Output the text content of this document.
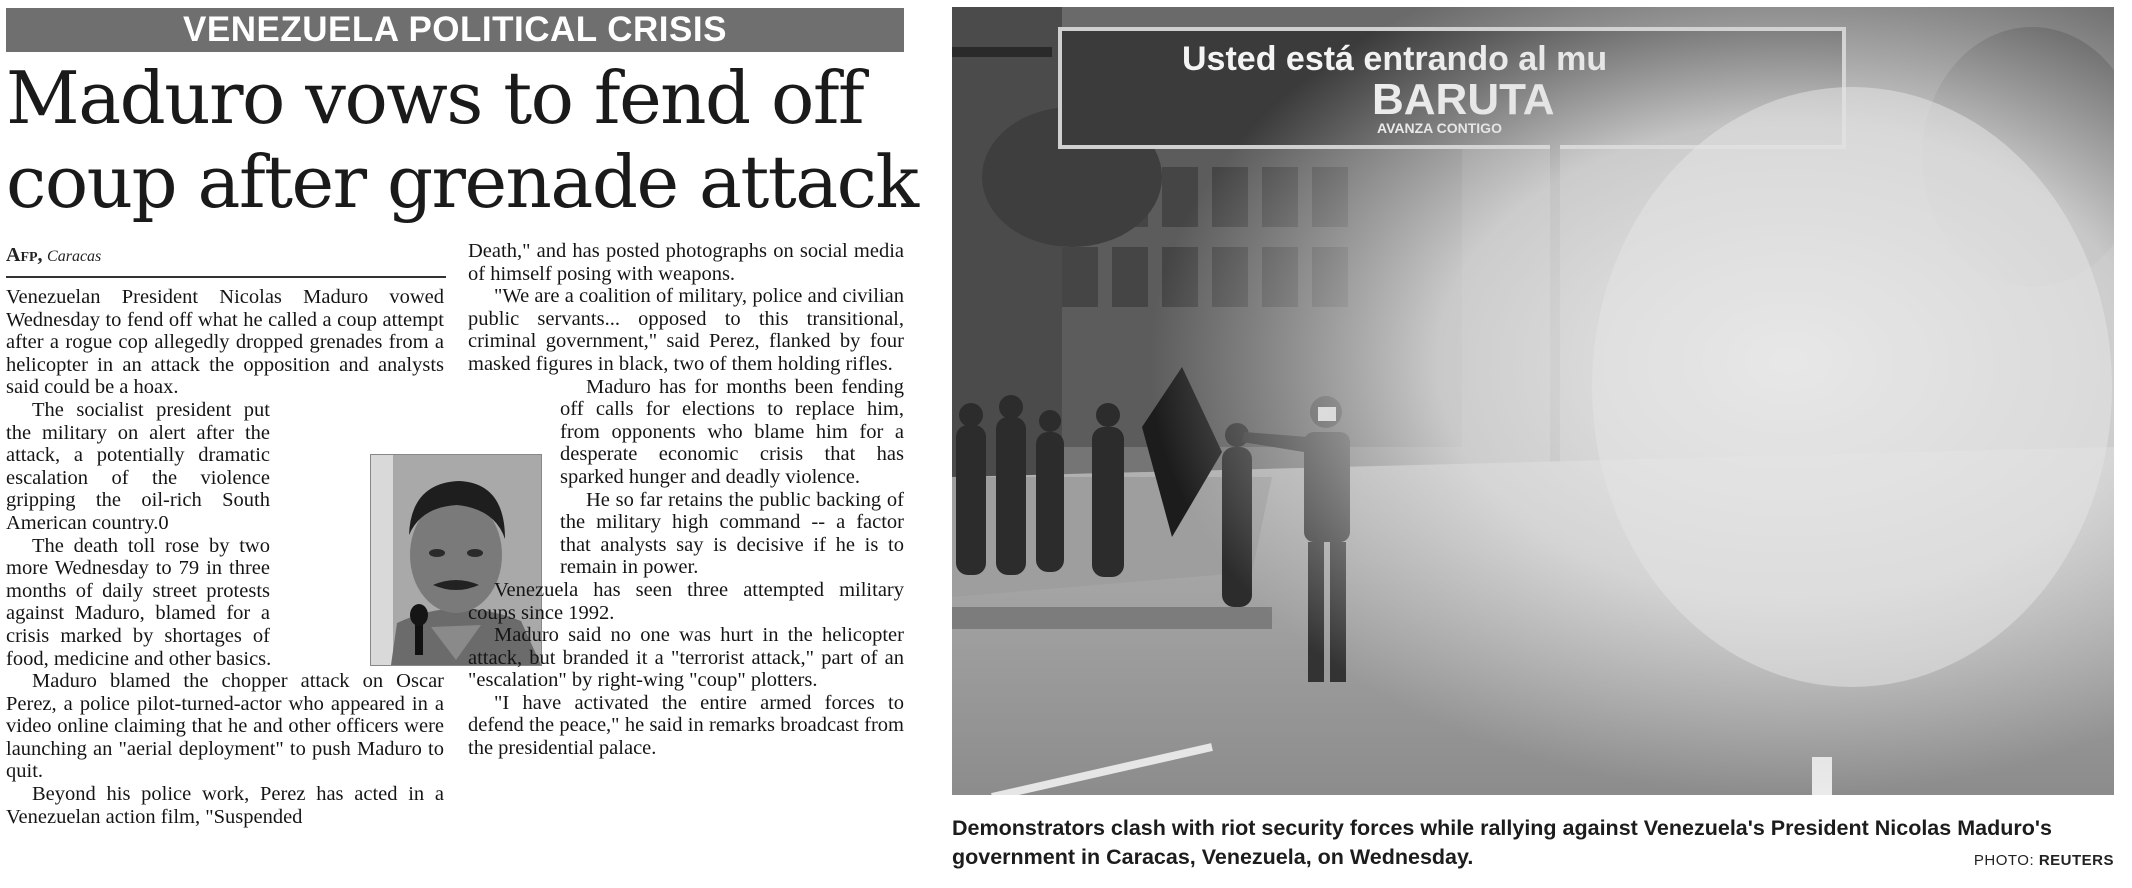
VENEZUELA POLITICAL CRISIS
Maduro vows to fend off
coup after grenade attack
Afp, Caracas

Venezuelan President Nicolas Maduro vowed Wednesday to fend off what he called a coup attempt after a rogue cop allegedly dropped grenades from a helicopter in an attack the opposition and analysts said could be a hoax.

The socialist president put the military on alert after the attack, a potentially dramatic escalation of the violence gripping the oil-rich South American country.0

The death toll rose by two more Wednesday to 79 in three months of daily street protests against Maduro, blamed for a crisis marked by shortages of food, medicine and other basics.

Maduro blamed the chopper attack on Oscar Perez, a police pilot-turned-actor who appeared in a video online claiming that he and other officers were launching an "aerial deployment" to push Maduro to quit.

Beyond his police work, Perez has acted in a Venezuelan action film, "Suspended

Death," and has posted photographs on social media of himself posing with weapons.

"We are a coalition of military, police and civilian public servants... opposed to this transitional, criminal government," said Perez, flanked by four masked figures in black, two of them holding rifles.

Maduro has for months been fending off calls for elections to replace him, from opponents who blame him for a desperate economic crisis that has sparked hunger and deadly violence.

He so far retains the public backing of the military high command -- a factor that analysts say is decisive if he is to remain in power.

Venezuela has seen three attempted military coups since 1992.

Maduro said no one was hurt in the helicopter attack, but branded it a "terrorist attack," part of an "escalation" by right-wing "coup" plotters.

"I have activated the entire armed forces to defend the peace," he said in remarks broadcast from the presidential palace.

Demonstrators clash with riot security forces while rallying against Venezuela's President Nicolas Maduro's government in Caracas, Venezuela, on Wednesday.	PHOTO: REUTERS
